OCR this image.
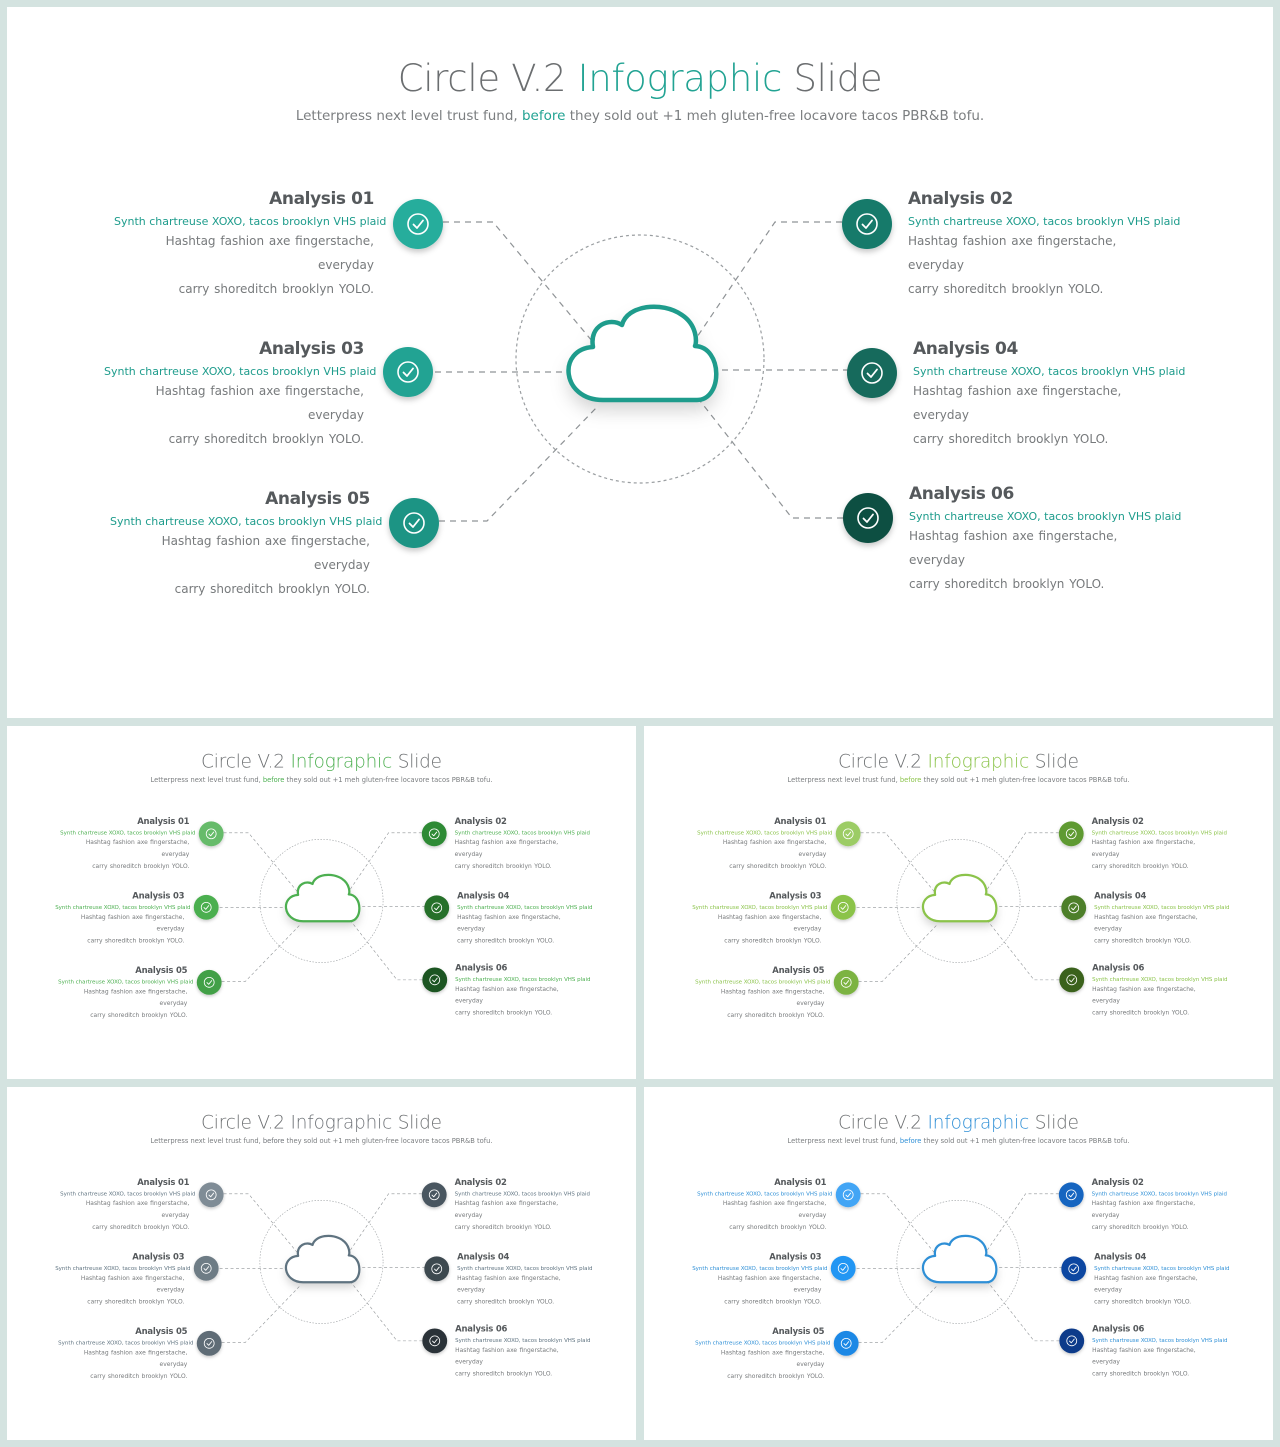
Circle V.2 Infographic Slide

Letterpress next level trust fund, before they sold out +1 meh gluten-free locavore tacos PBR&B tofu.

Analysis 01

Synth chartreuse XOXO, tacos brooklyn VHS plaid

Hashtag fashion axe fingerstache, everyday
carry shoreditch brooklyn YOLO.

Analysis 03

Synth chartreuse XOXO, tacos brooklyn VHS plaid

Hashtag fashion axe fingerstache, everyday
carry shoreditch brooklyn YOLO.

Analysis 05

Synth chartreuse XOXO, tacos brooklyn VHS plaid

Hashtag fashion axe fingerstache, everyday
carry shoreditch brooklyn YOLO.

Analysis 02

Synth chartreuse XOXO, tacos brooklyn VHS plaid

Hashtag fashion axe fingerstache, everyday
carry shoreditch brooklyn YOLO.

Analysis 04

Synth chartreuse XOXO, tacos brooklyn VHS plaid

Hashtag fashion axe fingerstache, everyday
carry shoreditch brooklyn YOLO.

Analysis 06

Synth chartreuse XOXO, tacos brooklyn VHS plaid

Hashtag fashion axe fingerstache, everyday
carry shoreditch brooklyn YOLO.

Circle V.2 Infographic Slide

Letterpress next level trust fund, before they sold out +1 meh gluten-free locavore tacos PBR&B tofu.

Analysis 01

Synth chartreuse XOXO, tacos brooklyn VHS plaid

Hashtag fashion axe fingerstache, everyday
carry shoreditch brooklyn YOLO.

Analysis 03

Synth chartreuse XOXO, tacos brooklyn VHS plaid

Hashtag fashion axe fingerstache, everyday
carry shoreditch brooklyn YOLO.

Analysis 05

Synth chartreuse XOXO, tacos brooklyn VHS plaid

Hashtag fashion axe fingerstache, everyday
carry shoreditch brooklyn YOLO.

Analysis 02

Synth chartreuse XOXO, tacos brooklyn VHS plaid

Hashtag fashion axe fingerstache, everyday
carry shoreditch brooklyn YOLO.

Analysis 04

Synth chartreuse XOXO, tacos brooklyn VHS plaid

Hashtag fashion axe fingerstache, everyday
carry shoreditch brooklyn YOLO.

Analysis 06

Synth chartreuse XOXO, tacos brooklyn VHS plaid

Hashtag fashion axe fingerstache, everyday
carry shoreditch brooklyn YOLO.

Circle V.2 Infographic Slide

Letterpress next level trust fund, before they sold out +1 meh gluten-free locavore tacos PBR&B tofu.

Analysis 01

Synth chartreuse XOXO, tacos brooklyn VHS plaid

Hashtag fashion axe fingerstache, everyday
carry shoreditch brooklyn YOLO.

Analysis 03

Synth chartreuse XOXO, tacos brooklyn VHS plaid

Hashtag fashion axe fingerstache, everyday
carry shoreditch brooklyn YOLO.

Analysis 05

Synth chartreuse XOXO, tacos brooklyn VHS plaid

Hashtag fashion axe fingerstache, everyday
carry shoreditch brooklyn YOLO.

Analysis 02

Synth chartreuse XOXO, tacos brooklyn VHS plaid

Hashtag fashion axe fingerstache, everyday
carry shoreditch brooklyn YOLO.

Analysis 04

Synth chartreuse XOXO, tacos brooklyn VHS plaid

Hashtag fashion axe fingerstache, everyday
carry shoreditch brooklyn YOLO.

Analysis 06

Synth chartreuse XOXO, tacos brooklyn VHS plaid

Hashtag fashion axe fingerstache, everyday
carry shoreditch brooklyn YOLO.

Circle V.2 Infographic Slide

Letterpress next level trust fund, before they sold out +1 meh gluten-free locavore tacos PBR&B tofu.

Analysis 01

Synth chartreuse XOXO, tacos brooklyn VHS plaid

Hashtag fashion axe fingerstache, everyday
carry shoreditch brooklyn YOLO.

Analysis 03

Synth chartreuse XOXO, tacos brooklyn VHS plaid

Hashtag fashion axe fingerstache, everyday
carry shoreditch brooklyn YOLO.

Analysis 05

Synth chartreuse XOXO, tacos brooklyn VHS plaid

Hashtag fashion axe fingerstache, everyday
carry shoreditch brooklyn YOLO.

Analysis 02

Synth chartreuse XOXO, tacos brooklyn VHS plaid

Hashtag fashion axe fingerstache, everyday
carry shoreditch brooklyn YOLO.

Analysis 04

Synth chartreuse XOXO, tacos brooklyn VHS plaid

Hashtag fashion axe fingerstache, everyday
carry shoreditch brooklyn YOLO.

Analysis 06

Synth chartreuse XOXO, tacos brooklyn VHS plaid

Hashtag fashion axe fingerstache, everyday
carry shoreditch brooklyn YOLO.

Circle V.2 Infographic Slide

Letterpress next level trust fund, before they sold out +1 meh gluten-free locavore tacos PBR&B tofu.

Analysis 01

Synth chartreuse XOXO, tacos brooklyn VHS plaid

Hashtag fashion axe fingerstache, everyday
carry shoreditch brooklyn YOLO.

Analysis 03

Synth chartreuse XOXO, tacos brooklyn VHS plaid

Hashtag fashion axe fingerstache, everyday
carry shoreditch brooklyn YOLO.

Analysis 05

Synth chartreuse XOXO, tacos brooklyn VHS plaid

Hashtag fashion axe fingerstache, everyday
carry shoreditch brooklyn YOLO.

Analysis 02

Synth chartreuse XOXO, tacos brooklyn VHS plaid

Hashtag fashion axe fingerstache, everyday
carry shoreditch brooklyn YOLO.

Analysis 04

Synth chartreuse XOXO, tacos brooklyn VHS plaid

Hashtag fashion axe fingerstache, everyday
carry shoreditch brooklyn YOLO.

Analysis 06

Synth chartreuse XOXO, tacos brooklyn VHS plaid

Hashtag fashion axe fingerstache, everyday
carry shoreditch brooklyn YOLO.
